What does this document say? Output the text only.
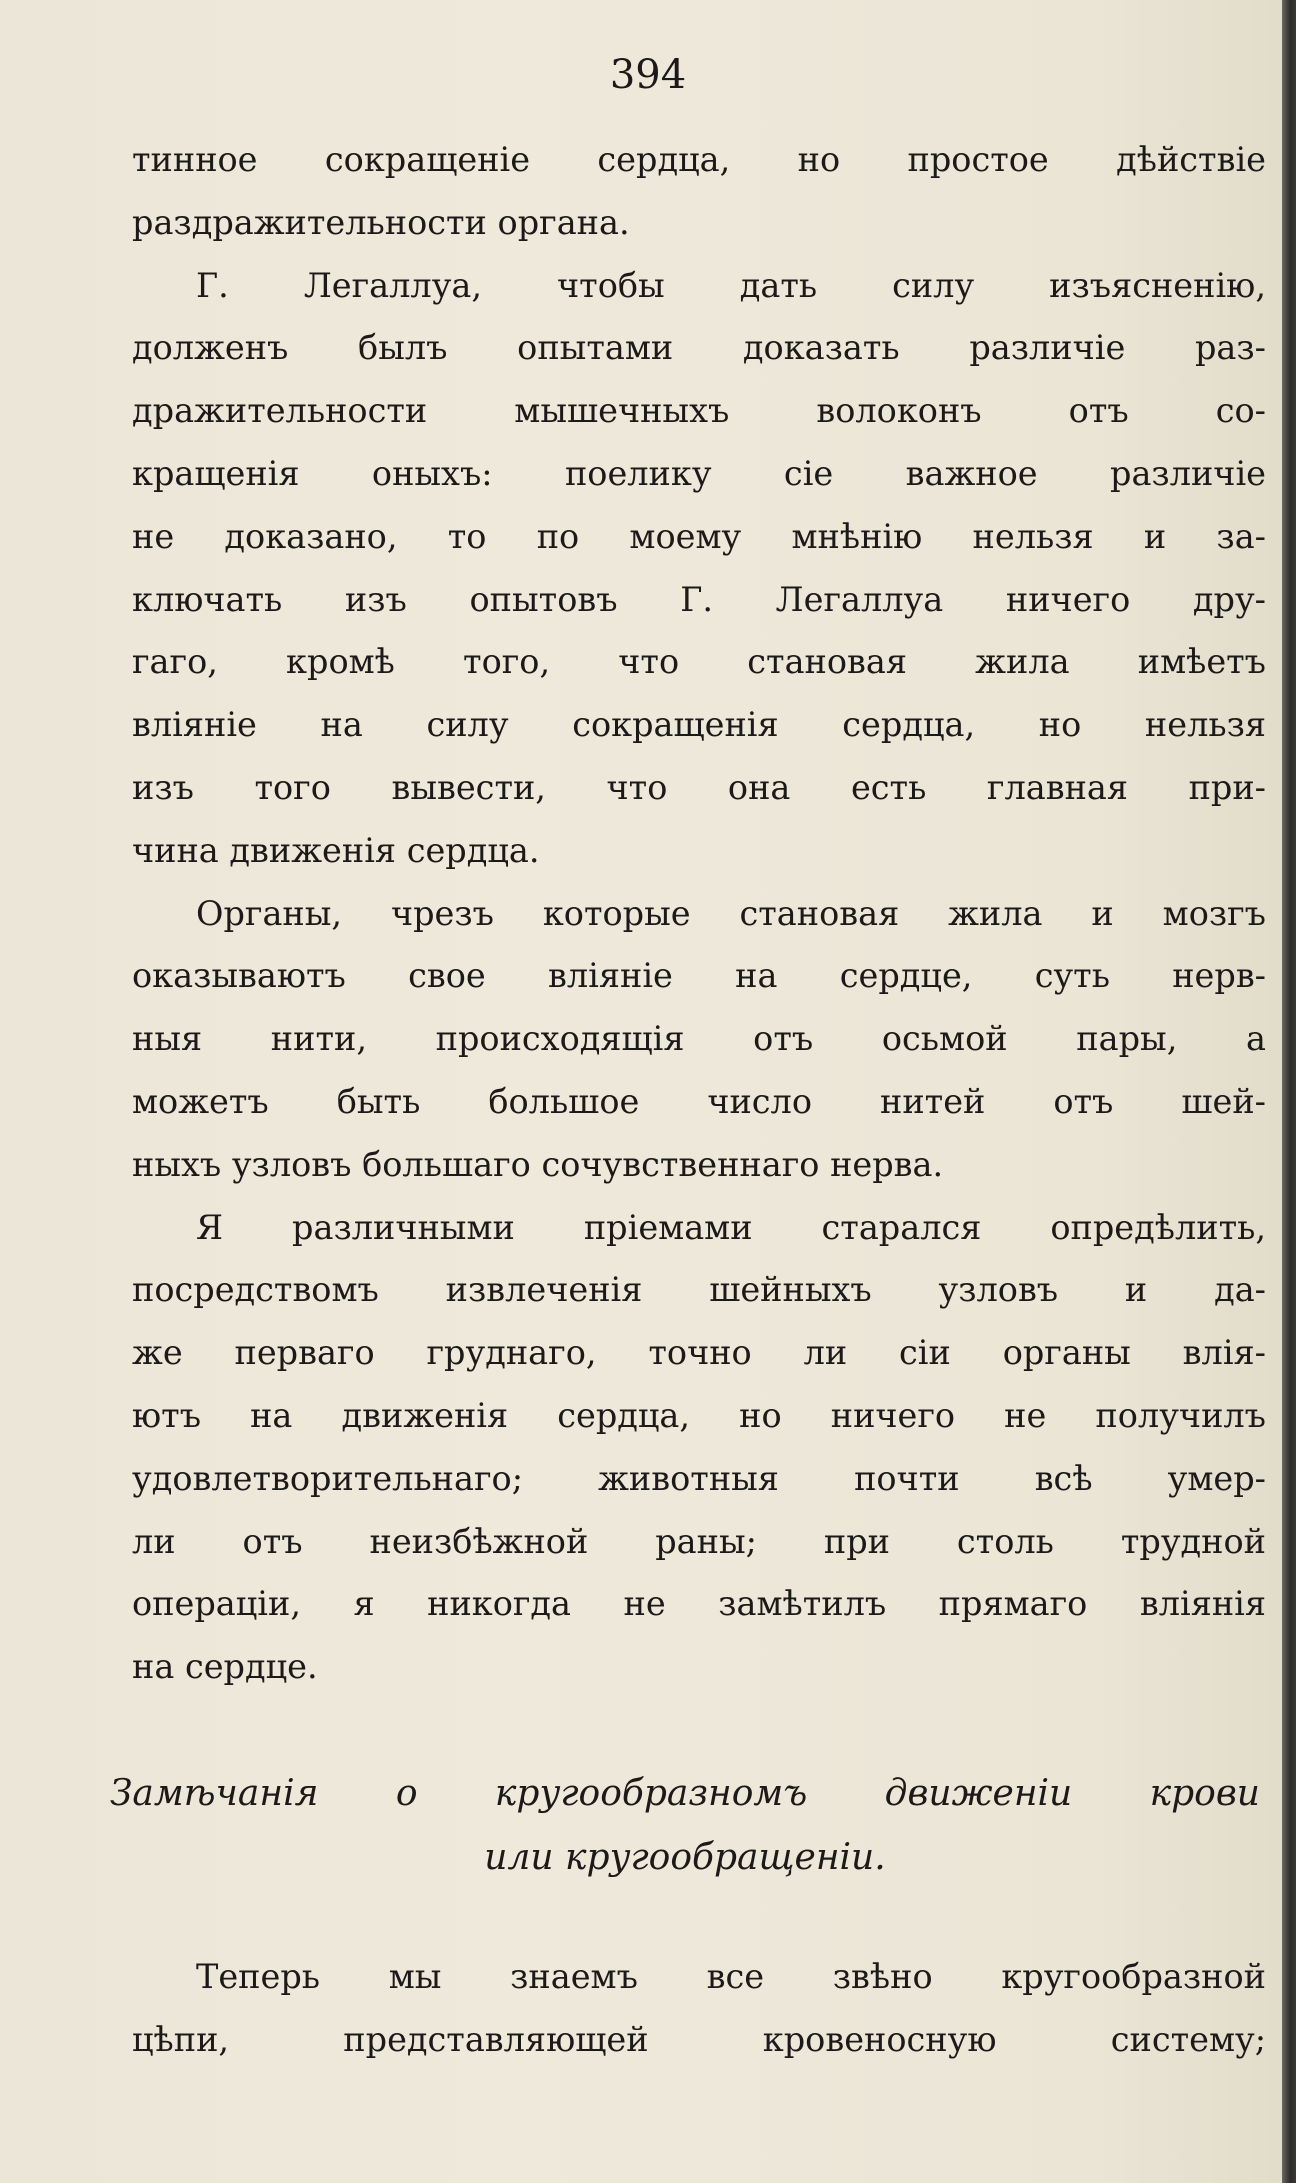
394
тинное сокращеніе сердца, но простое дѣйствіе
раздражительности органа.
Г. Легаллуа, чтобы дать силу изъясненію,
долженъ былъ опытами доказать различіе раз-
дражительности мышечныхъ волоконъ отъ со-
кращенія оныхъ: поелику сіе важное различіе
не доказано, то по моему мнѣнію нельзя и за-
ключать изъ опытовъ Г. Легаллуа ничего дру-
гаго, кромѣ того, что становая жила имѣетъ
вліяніе на силу сокращенія сердца, но нельзя
изъ того вывести, что она есть главная при-
чина движенія сердца.
Органы, чрезъ которые становая жила и мозгъ
оказываютъ свое вліяніе на сердце, суть нерв-
ныя нити, происходящія отъ осьмой пары, а
можетъ быть большое число нитей отъ шей-
ныхъ узловъ большаго сочувственнаго нерва.
Я различными пріемами старался опредѣлить,
посредствомъ извлеченія шейныхъ узловъ и да-
же перваго груднаго, точно ли сіи органы влія-
ютъ на движенія сердца, но ничего не получилъ
удовлетворительнаго; животныя почти всѣ умер-
ли отъ неизбѣжной раны; при столь трудной
операціи, я никогда не замѣтилъ прямаго вліянія
на сердце.
Замѣчанія о кругообразномъ движеніи крови
или кругообращеніи.
Теперь мы знаемъ все звѣно кругообразной
цѣпи, представляющей кровеносную систему;
